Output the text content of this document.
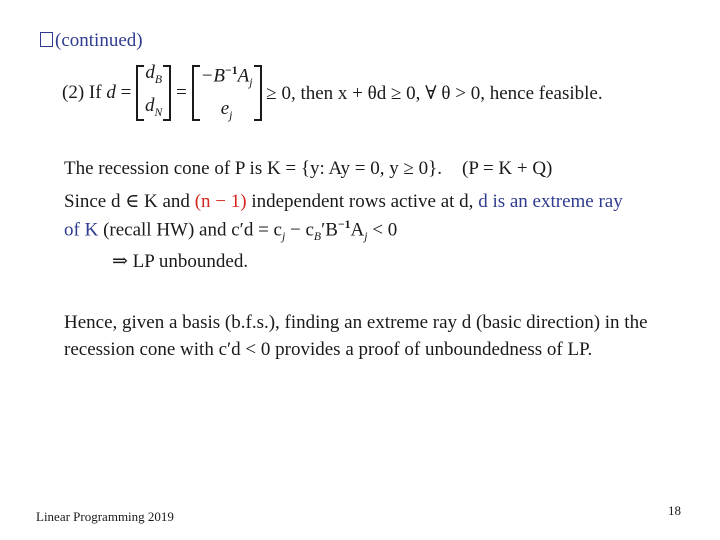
(continued)
(2) If
d
=

$d_B$
$d_N$

=

$-B^{-1}A_j$
$e_j$

≥ 0, then x + θd ≥ 0, ∀ θ > 0, hence feasible.
The recession cone of P is K = {y: Ay = 0, y ≥ 0}. (P = K + Q)
Since d ∈ K and (n − 1) independent rows active at d, d is an extreme ray
of K (recall HW) and $c'd = c_j - c_B'B^{-1}A_j < 0$
⇒ LP unbounded.
Hence, given a basis (b.f.s.), finding an extreme ray d (basic direction) in the
recession cone with c′d < 0 provides a proof of unboundedness of LP.
Linear Programming 2019	18
